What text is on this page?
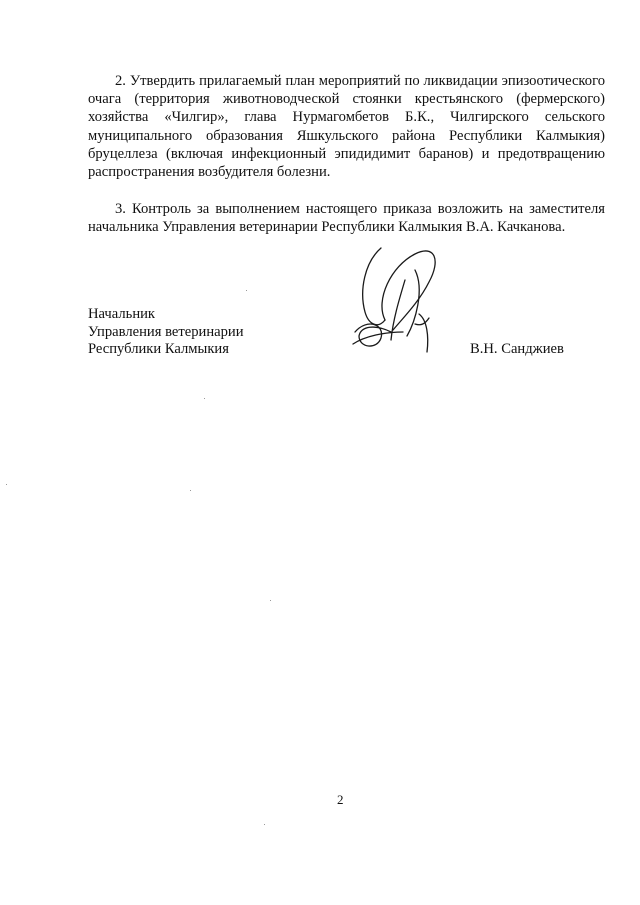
2. Утвердить прилагаемый план мероприятий по ликвидации эпизоотического очага (территория животноводческой стоянки крестьянского (фермерского) хозяйства «Чилгир», глава Нурмагомбетов Б.К., Чилгирского сельского муниципального образования Яшкульского района Республики Калмыкия) бруцеллеза (включая инфекционный эпидидимит баранов) и предотвращению распространения возбудителя болезни.

3. Контроль за выполнением настоящего приказа возложить на заместителя начальника Управления ветеринарии Республики Калмыкия В.А. Качканова.

Начальник
Управления ветеринарии
Республики Калмыкия	В.Н. Санджиев
2
